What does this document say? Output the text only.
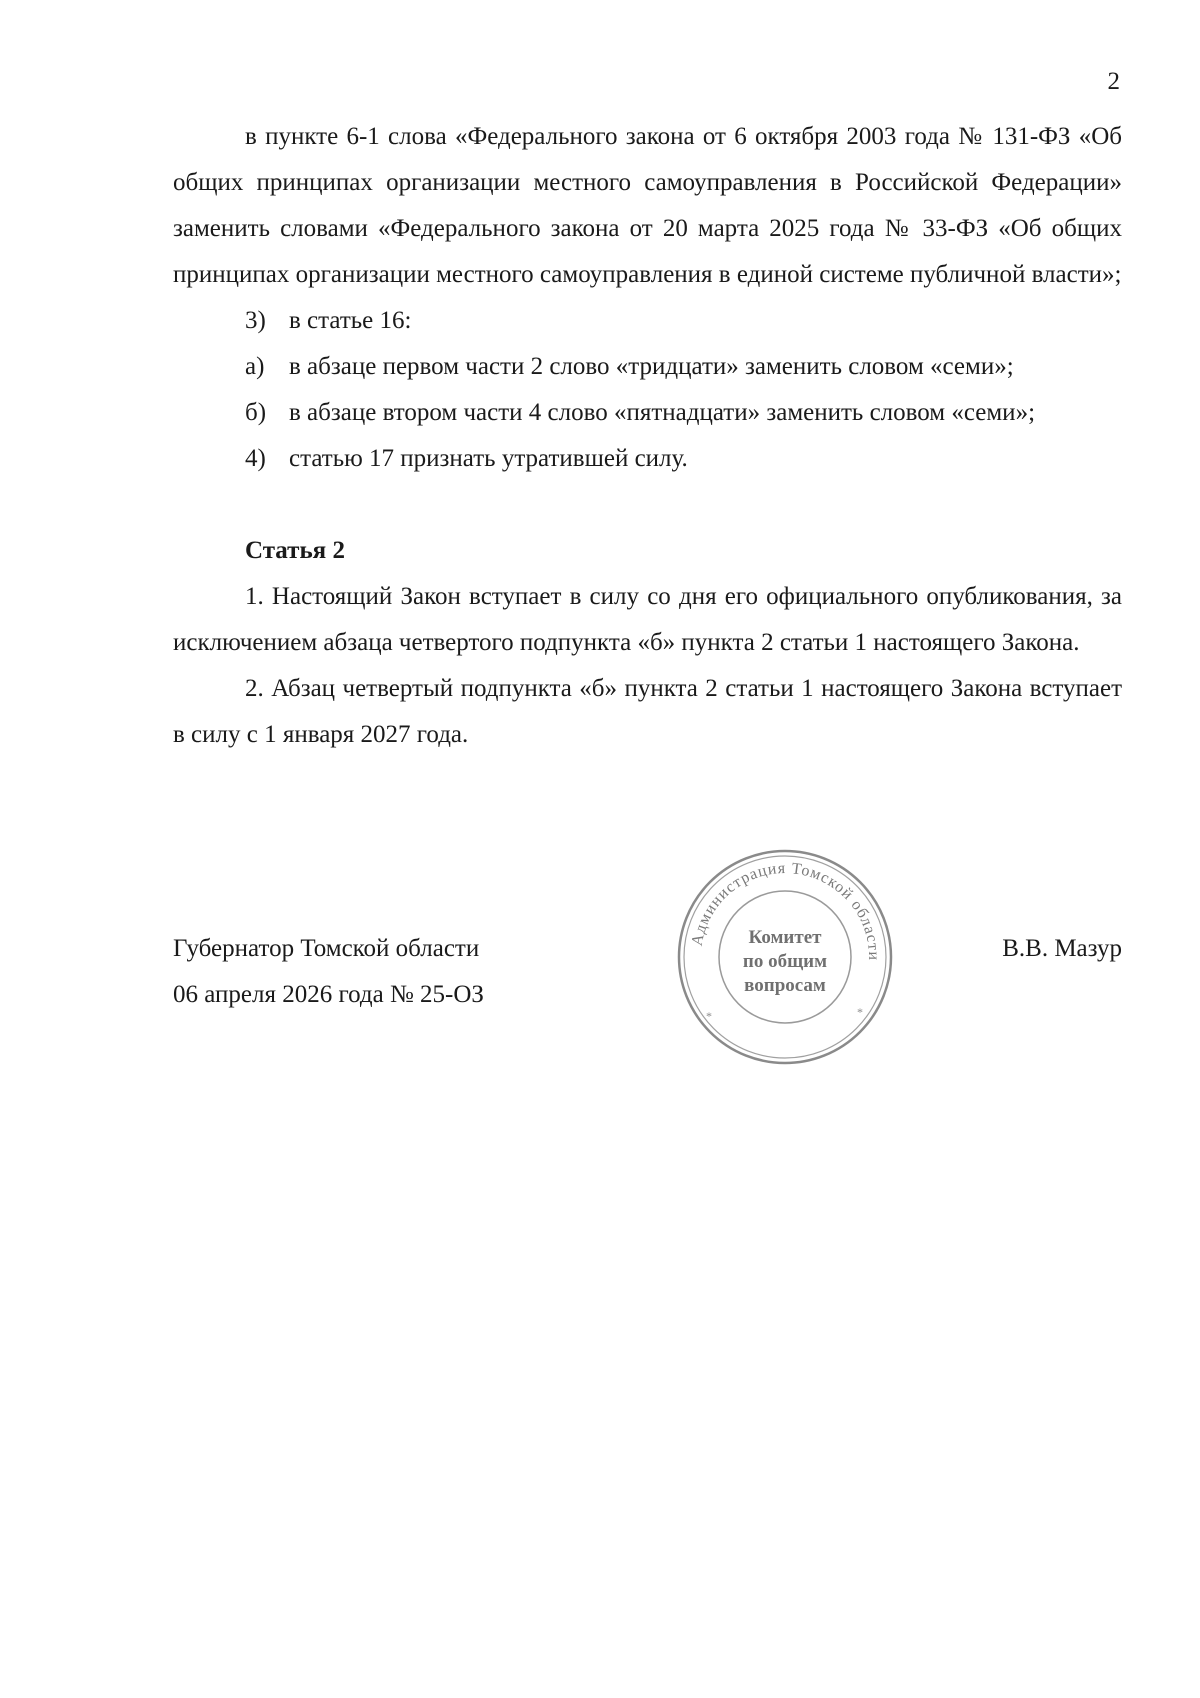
2

в пункте 6-1 слова «Федерального закона от 6 октября 2003 года № 131-ФЗ «Об общих принципах организации местного самоуправления в Российской Федерации» заменить словами «Федерального закона от 20 марта 2025 года № 33-ФЗ «Об общих принципах организации местного самоуправления в единой системе публичной власти»;

3) в статье 16:

а) в абзаце первом части 2 слово «тридцати» заменить словом «семи»;

б) в абзаце втором части 4 слово «пятнадцати» заменить словом «семи»;

4) статью 17 признать утратившей силу.

Статья 2

1. Настоящий Закон вступает в силу со дня его официального опубликования, за исключением абзаца четвертого подпункта «б» пункта 2 статьи 1 настоящего Закона.

2. Абзац четвертый подпункта «б» пункта 2 статьи 1 настоящего Закона вступает в силу с 1 января 2027 года.

Губернатор Томской области
06 апреля 2026 года № 25-ОЗ
В.В. Мазур
Администрация Томской области
Комитет
по общим
вопросам
*	*
